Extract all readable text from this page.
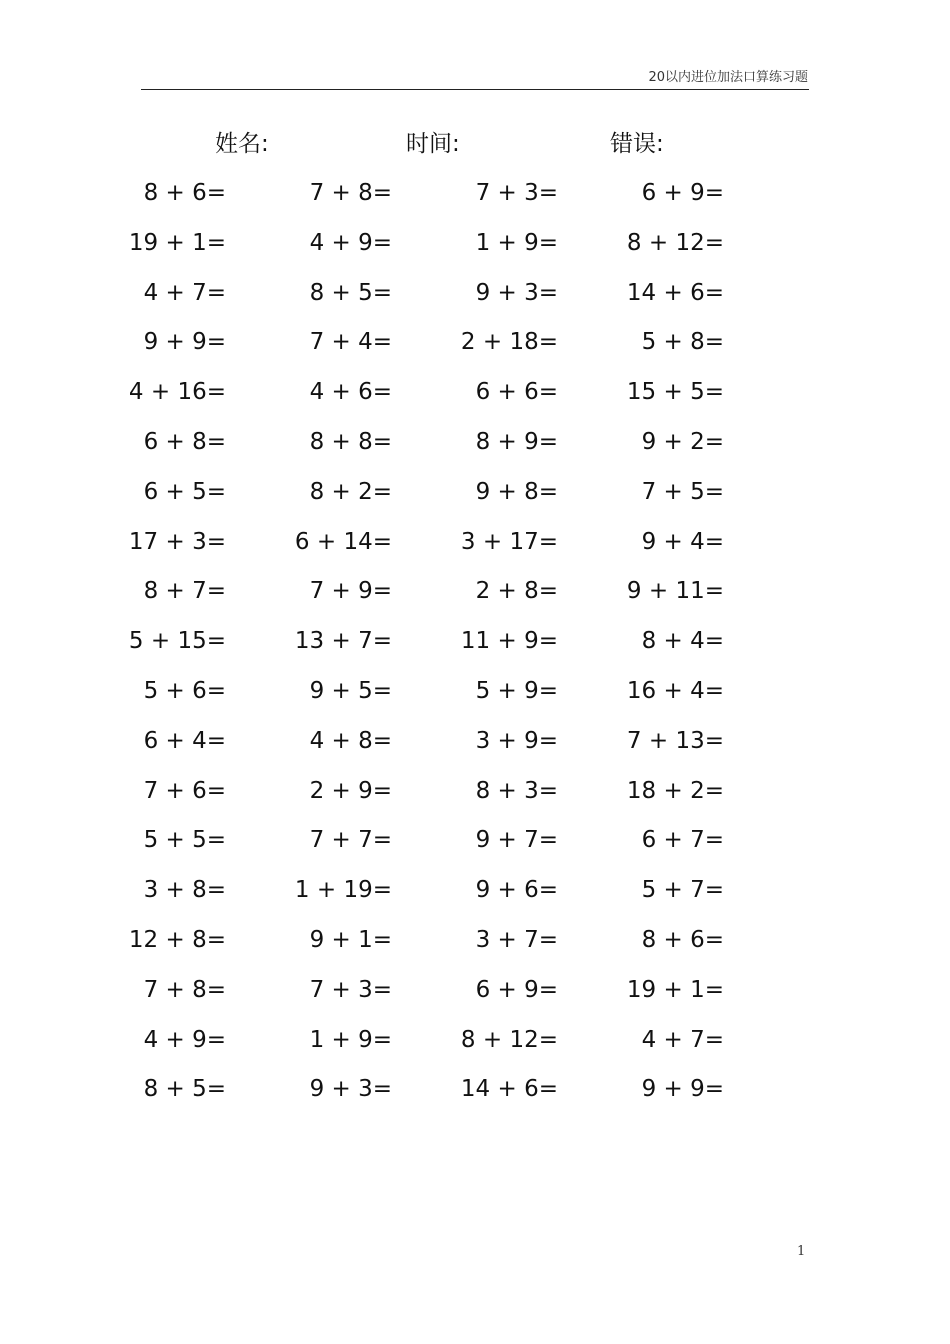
20以内进位加法口算练习题
姓名:	时间:	错误:
8 + 6=	7 + 8=	7 + 3=	6 + 9=
19 + 1=	4 + 9=	1 + 9=	8 + 12=
4 + 7=	8 + 5=	9 + 3=	14 + 6=
9 + 9=	7 + 4=	2 + 18=	5 + 8=
4 + 16=	4 + 6=	6 + 6=	15 + 5=
6 + 8=	8 + 8=	8 + 9=	9 + 2=
6 + 5=	8 + 2=	9 + 8=	7 + 5=
17 + 3=	6 + 14=	3 + 17=	9 + 4=
8 + 7=	7 + 9=	2 + 8=	9 + 11=
5 + 15=	13 + 7=	11 + 9=	8 + 4=
5 + 6=	9 + 5=	5 + 9=	16 + 4=
6 + 4=	4 + 8=	3 + 9=	7 + 13=
7 + 6=	2 + 9=	8 + 3=	18 + 2=
5 + 5=	7 + 7=	9 + 7=	6 + 7=
3 + 8=	1 + 19=	9 + 6=	5 + 7=
12 + 8=	9 + 1=	3 + 7=	8 + 6=
7 + 8=	7 + 3=	6 + 9=	19 + 1=
4 + 9=	1 + 9=	8 + 12=	4 + 7=
8 + 5=	9 + 3=	14 + 6=	9 + 9=
1
